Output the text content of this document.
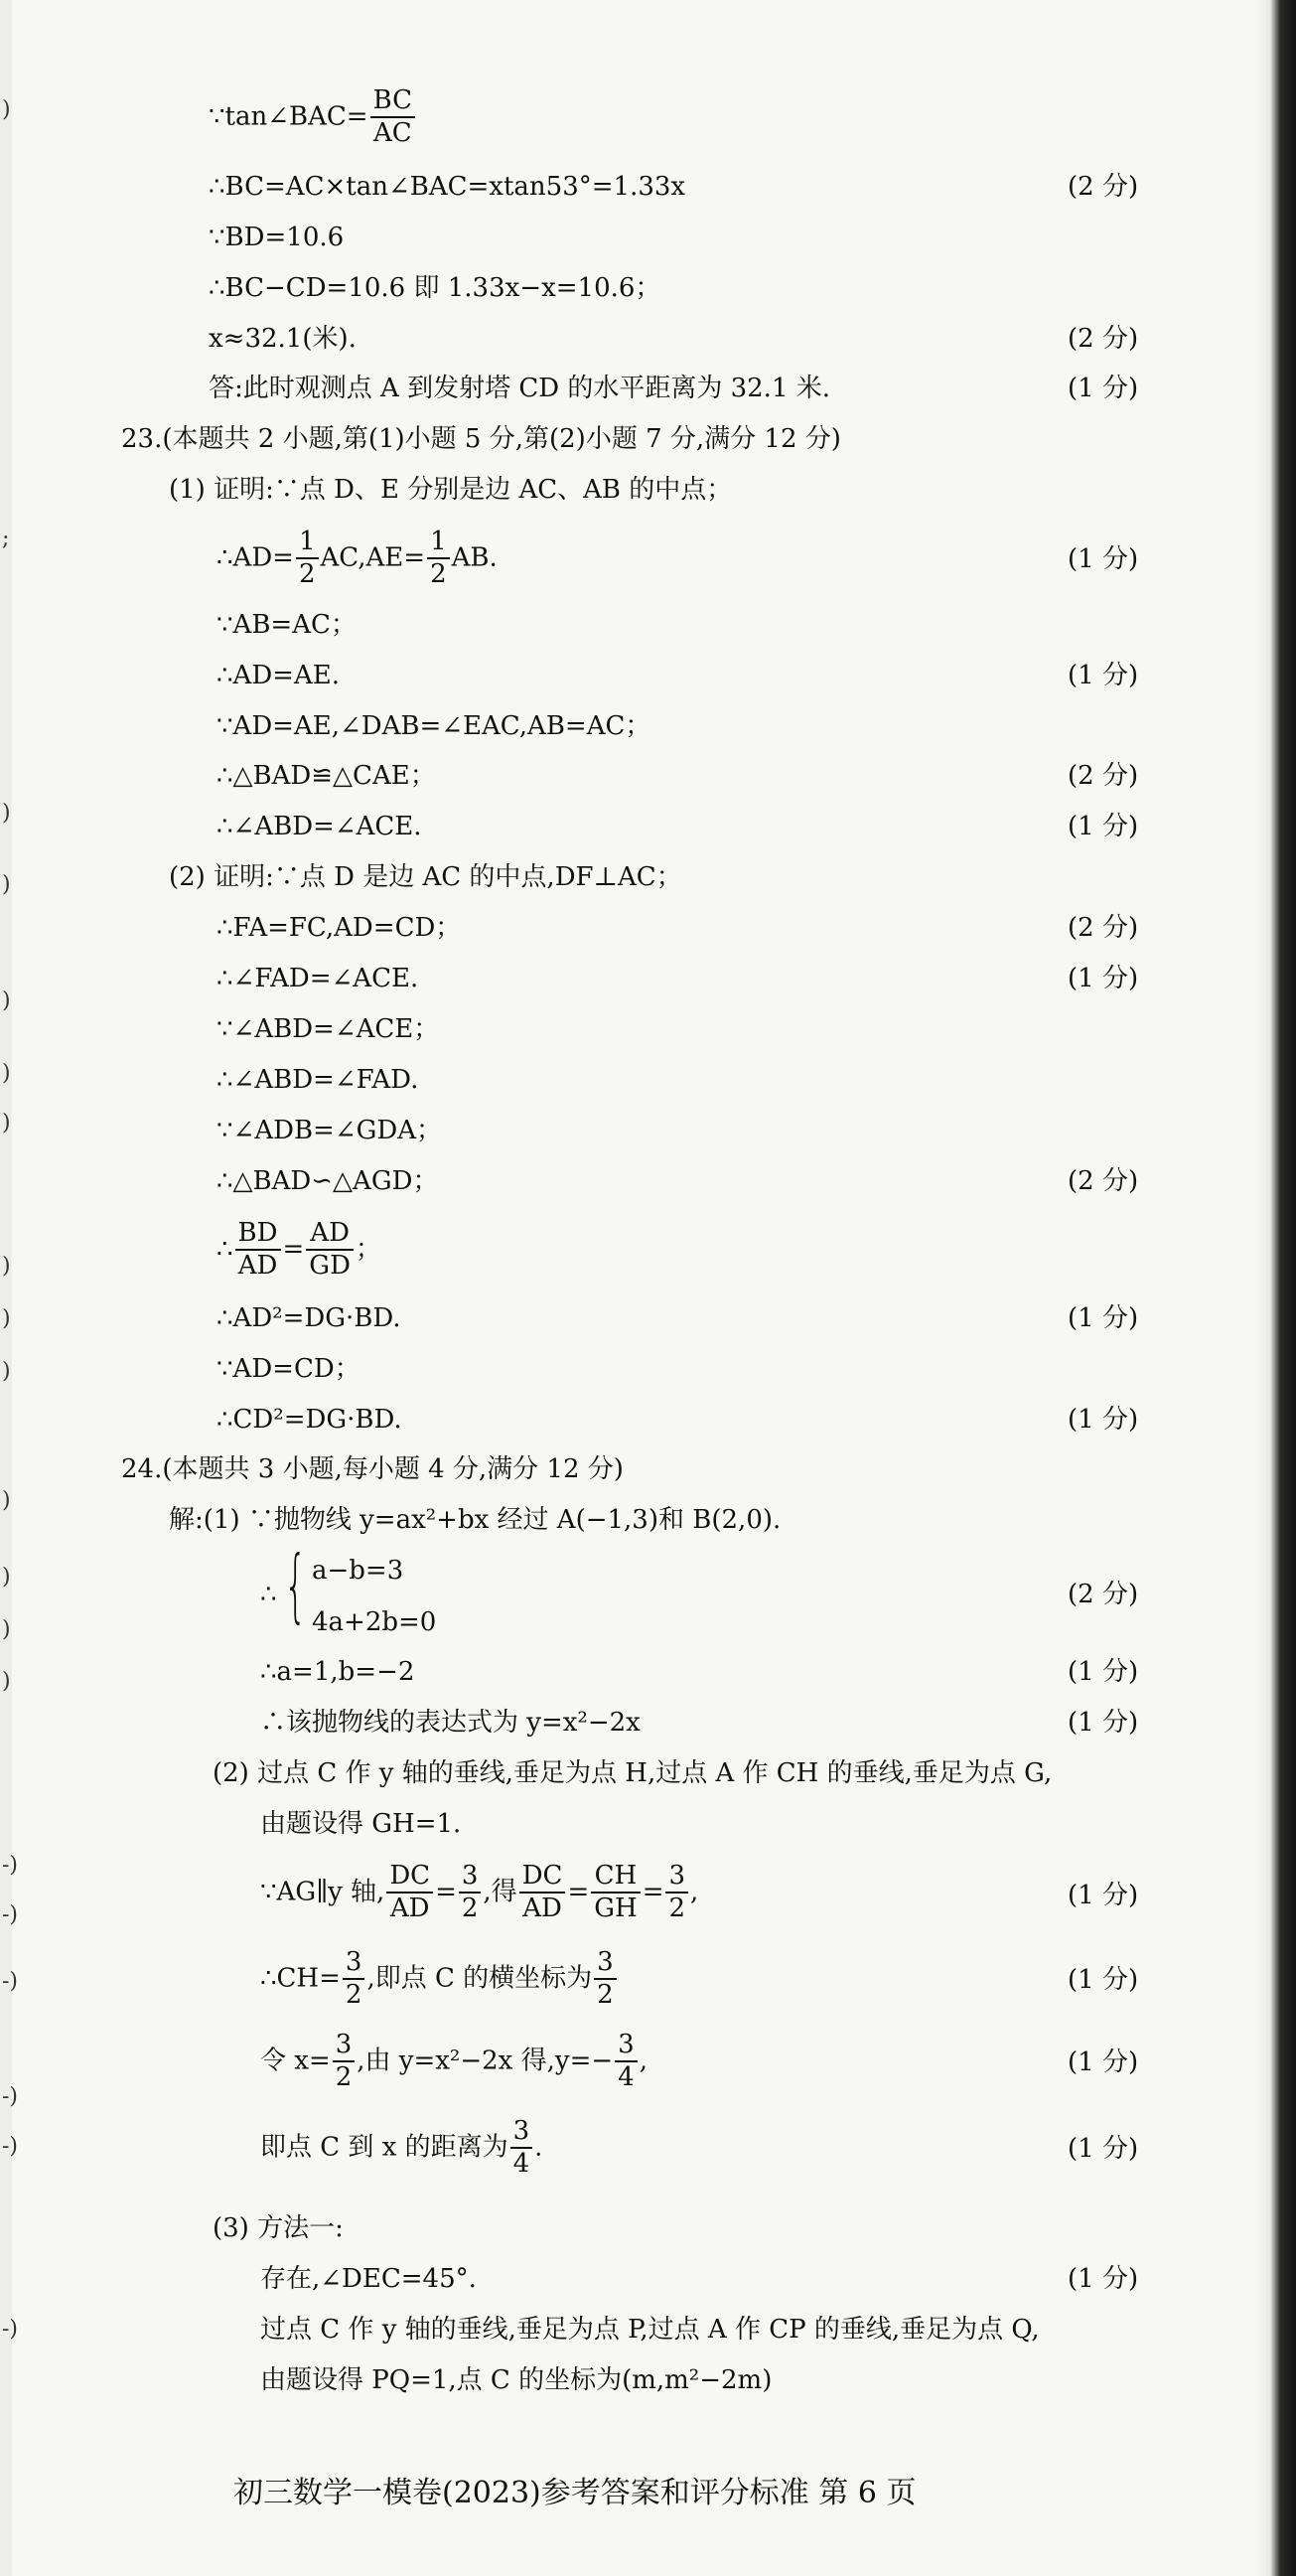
)
;
)
)
)
)
)
)
)
)
)
)
)
)
-)
-)
-)
-)
-)
-)
∵tan∠BAC= $\frac{BC}{AC}$
∴BC=AC×tan∠BAC=xtan53°=1.33x	(2 分)
∵BD=10.6
∴BC−CD=10.6 即 1.33x−x=10.6；
x≈32.1(米).	(2 分)
答:此时观测点 A 到发射塔 CD 的水平距离为 32.1 米.	(1 分)
23.(本题共 2 小题,第(1)小题 5 分,第(2)小题 7 分,满分 12 分)
(1) 证明:∵点 D、E 分别是边 AC、AB 的中点；
∴AD= $\frac{1}{2} AC,AE= \frac{1}{2}$ AB.	(1 分)
∵AB=AC；
∴AD=AE.	(1 分)
∵AD=AE,∠DAB=∠EAC,AB=AC；
∴△BAD≌△CAE；	(2 分)
∴∠ABD=∠ACE.	(1 分)
(2) 证明:∵点 D 是边 AC 的中点,DF⊥AC；
∴FA=FC,AD=CD；	(2 分)
∴∠FAD=∠ACE.	(1 分)
∵∠ABD=∠ACE；
∴∠ABD=∠FAD.
∵∠ADB=∠GDA；
∴△BAD∽△AGD；	(2 分)
∴ $\frac{BD}{AD} = \frac{AD}{GD}$ ；
∴AD²=DG·BD.	(1 分)
∵AD=CD；
∴CD²=DG·BD.	(1 分)
24.(本题共 3 小题,每小题 4 分,满分 12 分)
解:(1) ∵抛物线 y=ax²+bx 经过 A(−1,3)和 B(2,0).
∴ { a−b=3
4a+2b=0
(2 分)
∴a=1,b=−2	(1 分)
∴该抛物线的表达式为 y=x²−2x	(1 分)
(2) 过点 C 作 y 轴的垂线,垂足为点 H,过点 A 作 CH 的垂线,垂足为点 G,
由题设得 GH=1.
∵AG∥y 轴, $\frac{DC}{AD} = \frac{3}{2}$ ,得 $\frac{DC}{AD} = \frac{CH}{GH} = \frac{3}{2}$ ,	(1 分)
∴CH= $\frac{3}{2}$ ,即点 C 的横坐标为 $\frac{3}{2}$	(1 分)
令 $x= \frac{3}{2}$ ,由 y=x²−2x 得$,y=- \frac{3}{4}$ ,	(1 分)
即点 C 到 x 的距离为 $\frac{3}{4}$ .	(1 分)
(3) 方法一:
存在,∠DEC=45°.	(1 分)
过点 C 作 y 轴的垂线,垂足为点 P,过点 A 作 CP 的垂线,垂足为点 Q,
由题设得 PQ=1,点 C 的坐标为(m,m²−2m)
初三数学一模卷(2023)参考答案和评分标准 第 6 页
